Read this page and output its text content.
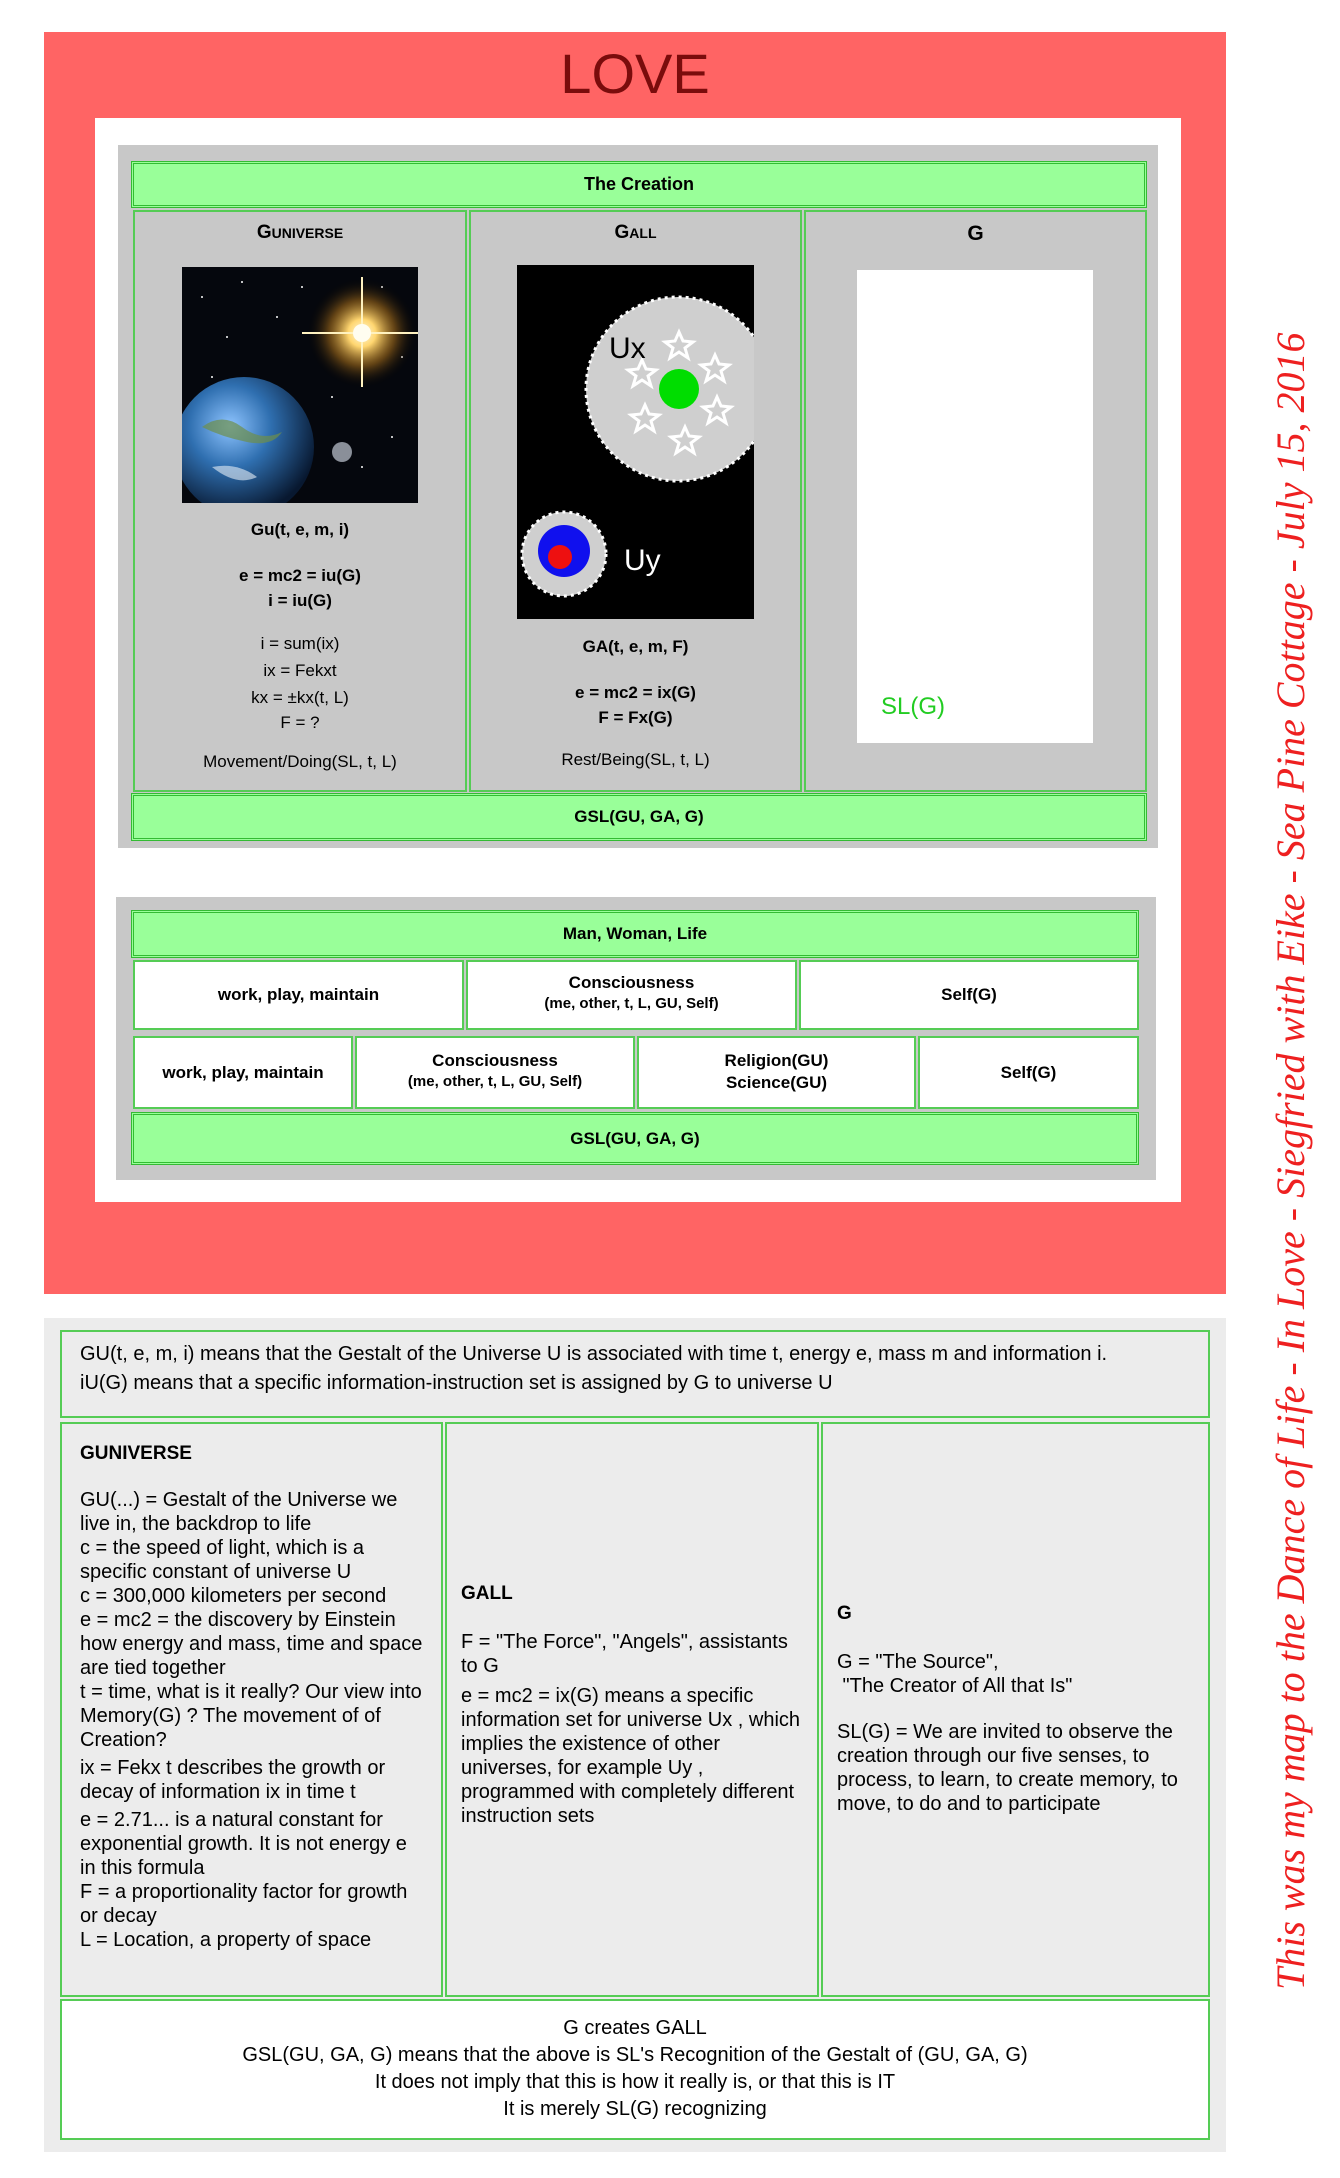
LOVE
The Creation
GUNIVERSE
Gu(t, e, m, i)
e = mc2 = iu(G)
i = iu(G)
i = sum(ix)
ix = Fekxt
kx = ±kx(t, L)
F = ?
Movement/Doing(SL, t, L)
GALL
Ux
Uy
GA(t, e, m, F)
e = mc2 = ix(G)
F = Fx(G)
Rest/Being(SL, t, L)
G
SL(G)
GSL(GU, GA, G)
Man, Woman, Life
work, play, maintain
Consciousness
(me, other, t, L, GU, Self)	Self(G)
work, play, maintain
Consciousness
(me, other, t, L, GU, Self)
Religion(GU)
Science(GU)
Self(G)
GSL(GU, GA, G)
GU(t, e, m, i) means that the Gestalt of the Universe U is associated with time t, energy e, mass m and information i.
iU(G) means that a specific information-instruction set is assigned by G to universe U
GUNIVERSE
GU(...) = Gestalt of the Universe we live in, the backdrop to life
c = the speed of light, which is a specific constant of universe U
c = 300,000 kilometers per second
e = mc2 = the discovery by Einstein how energy and mass, time and space are tied together
t = time, what is it really? Our view into Memory(G) ? The movement of of Creation?
ix = Fekx t describes the growth or decay of information ix in time t
e = 2.71... is a natural constant for exponential growth. It is not energy e in this formula
F = a proportionality factor for growth or decay
L = Location, a property of space
GALL
F = "The Force", "Angels", assistants to G
e = mc2 = ix(G) means a specific information set for universe Ux , which implies the existence of other universes, for example Uy , programmed with completely different instruction sets
G
G = "The Source",
"The Creator of All that Is"
SL(G) = We are invited to observe the creation through our five senses, to process, to learn, to create memory, to move, to do and to participate
G creates GALL
GSL(GU, GA, G) means that the above is SL's Recognition of the Gestalt of (GU, GA, G)
It does not imply that this is how it really is, or that this is IT
It is merely SL(G) recognizing
This was my map to the Dance of Life - In Love - Siegfried with Eike - Sea Pine Cottage - July 15, 2016
